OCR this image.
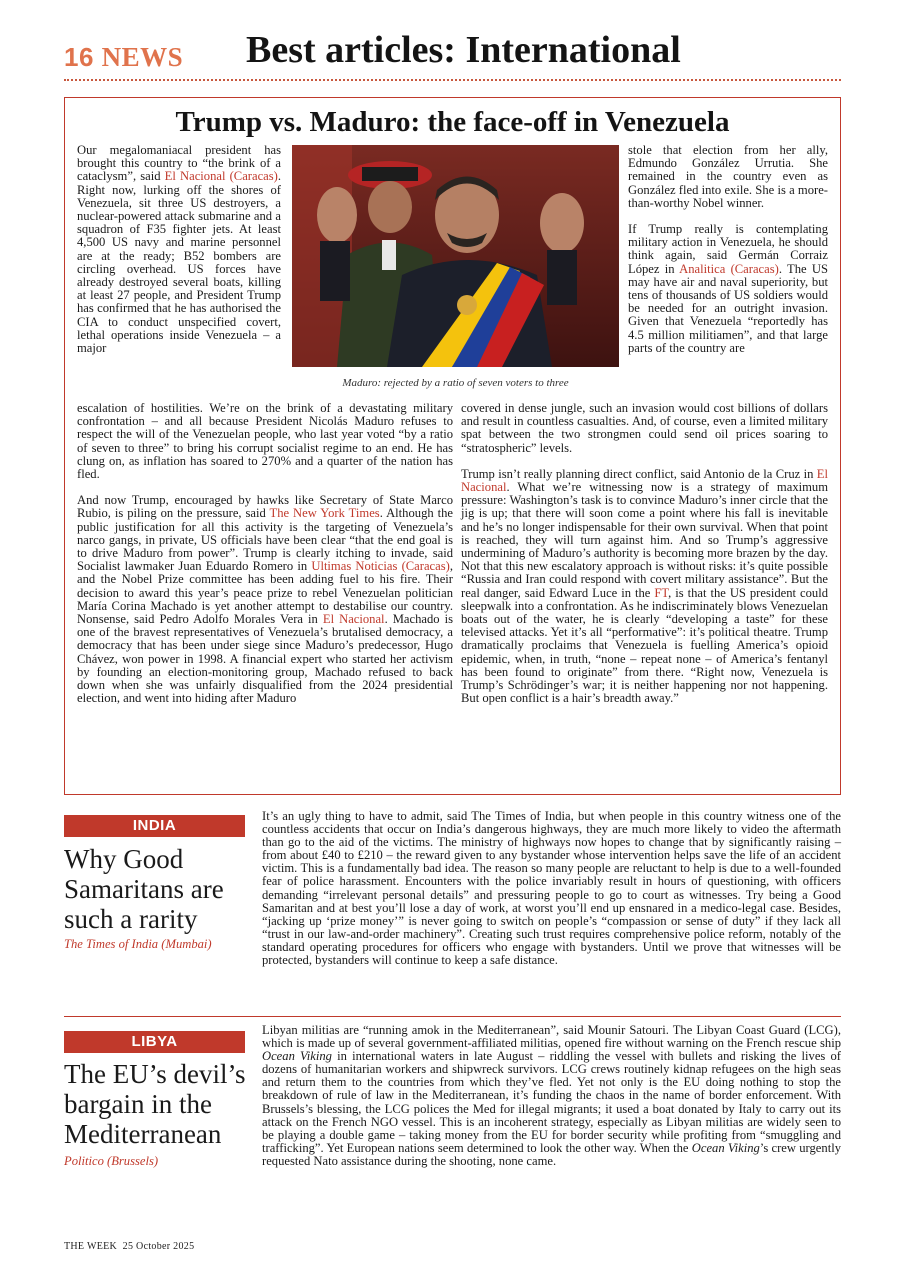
16 NEWS Best articles: International
Trump vs. Maduro: the face-off in Venezuela

Our megalomaniacal president has brought this country to “the brink of a cataclysm”, said El Nacional (Caracas). Right now, lurking off the shores of Venezuela, sit three US destroyers, a nuclear-powered attack submarine and a squadron of F35 fighter jets. At least 4,500 US navy and marine personnel are at the ready; B52 bombers are circling overhead. US forces have already destroyed several boats, killing at least 27 people, and President Trump has confirmed that he has authorised the CIA to conduct unspecified covert, lethal operations inside Venezuela – a major

Maduro: rejected by a ratio of seven voters to three

escalation of hostilities. We’re on the brink of a devastating military confrontation – and all because President Nicolás Maduro refuses to respect the will of the Venezuelan people, who last year voted “by a ratio of seven to three” to bring his corrupt socialist regime to an end. He has clung on, as inflation has soared to 270% and a quarter of the nation has fled.

And now Trump, encouraged by hawks like Secretary of State Marco Rubio, is piling on the pressure, said The New York Times. Although the public justification for all this activity is the targeting of Venezuela’s narco gangs, in private, US officials have been clear “that the end goal is to drive Maduro from power”. Trump is clearly itching to invade, said Socialist lawmaker Juan Eduardo Romero in Ultimas Noticias (Caracas), and the Nobel Prize committee has been adding fuel to his fire. Their decision to award this year’s peace prize to rebel Venezuelan politician María Corina Machado is yet another attempt to destabilise our country. Nonsense, said Pedro Adolfo Morales Vera in El Nacional. Machado is one of the bravest representatives of Venezuela’s brutalised democracy, a democracy that has been under siege since Maduro’s predecessor, Hugo Chávez, won power in 1998. A financial expert who started her activism by founding an election-monitoring group, Machado refused to back down when she was unfairly disqualified from the 2024 presidential election, and went into hiding after Maduro

stole that election from her ally, Edmundo González Urrutia. She remained in the country even as González fled into exile. She is a more-than-worthy Nobel winner.

If Trump really is contemplating military action in Venezuela, he should think again, said Germán Corraiz López in Analitica (Caracas). The US may have air and naval superiority, but tens of thousands of US soldiers would be needed for an outright invasion. Given that Venezuela “reportedly has 4.5 million militiamen”, and that large parts of the country are

covered in dense jungle, such an invasion would cost billions of dollars and result in countless casualties. And, of course, even a limited military spat between the two strongmen could send oil prices soaring to “stratospheric” levels.

Trump isn’t really planning direct conflict, said Antonio de la Cruz in El Nacional. What we’re witnessing now is a strategy of maximum pressure: Washington’s task is to convince Maduro’s inner circle that the jig is up; that there will soon come a point where his fall is inevitable and he’s no longer indispensable for their own survival. When that point is reached, they will turn against him. And so Trump’s aggressive undermining of Maduro’s authority is becoming more brazen by the day. Not that this new escalatory approach is without risks: it’s quite possible “Russia and Iran could respond with covert military assistance”. But the real danger, said Edward Luce in the FT, is that the US president could sleepwalk into a confrontation. As he indiscriminately blows Venezuelan boats out of the water, he is clearly “developing a taste” for these televised attacks. Yet it’s all “performative”: it’s political theatre. Trump dramatically proclaims that Venezuela is fuelling America’s opioid epidemic, when, in truth, “none – repeat none – of America’s fentanyl has been found to originate” from there. “Right now, Venezuela is Trump’s Schrödinger’s war; it is neither happening nor not happening. But open conflict is a hair’s breadth away.”

INDIA
Why Good Samaritans are such a rarity
The Times of India (Mumbai)
It’s an ugly thing to have to admit, said The Times of India, but when people in this country witness one of the countless accidents that occur on India’s dangerous highways, they are much more likely to video the aftermath than go to the aid of the victims. The ministry of highways now hopes to change that by significantly raising – from about £40 to £210 – the reward given to any bystander whose intervention helps save the life of an accident victim. This is a fundamentally bad idea. The reason so many people are reluctant to help is due to a well-founded fear of police harassment. Encounters with the police invariably result in hours of questioning, with officers demanding “irrelevant personal details” and pressuring people to go to court as witnesses. Try being a Good Samaritan and at best you’ll lose a day of work, at worst you’ll end up ensnared in a medico-legal case. Besides, “jacking up ‘prize money’” is never going to switch on people’s “compassion or sense of duty” if they lack all “trust in our law-and-order machinery”. Creating such trust requires comprehensive police reform, notably of the standard operating procedures for officers who engage with bystanders. Until we prove that witnesses will be protected, bystanders will continue to keep a safe distance.
LIBYA
The EU’s devil’s bargain in the Mediterranean
Politico (Brussels)
Libyan militias are “running amok in the Mediterranean”, said Mounir Satouri. The Libyan Coast Guard (LCG), which is made up of several government-affiliated militias, opened fire without warning on the French rescue ship Ocean Viking in international waters in late August – riddling the vessel with bullets and risking the lives of dozens of humanitarian workers and shipwreck survivors. LCG crews routinely kidnap refugees on the high seas and return them to the countries from which they’ve fled. Yet not only is the EU doing nothing to stop the breakdown of rule of law in the Mediterranean, it’s funding the chaos in the name of border enforcement. With Brussels’s blessing, the LCG polices the Med for illegal migrants; it used a boat donated by Italy to carry out its attack on the French NGO vessel. This is an incoherent strategy, especially as Libyan militias are widely seen to be playing a double game – taking money from the EU for border security while profiting from “smuggling and trafficking”. Yet European nations seem determined to look the other way. When the Ocean Viking’s crew urgently requested Nato assistance during the shooting, none came.
THE WEEK 25 October 2025
